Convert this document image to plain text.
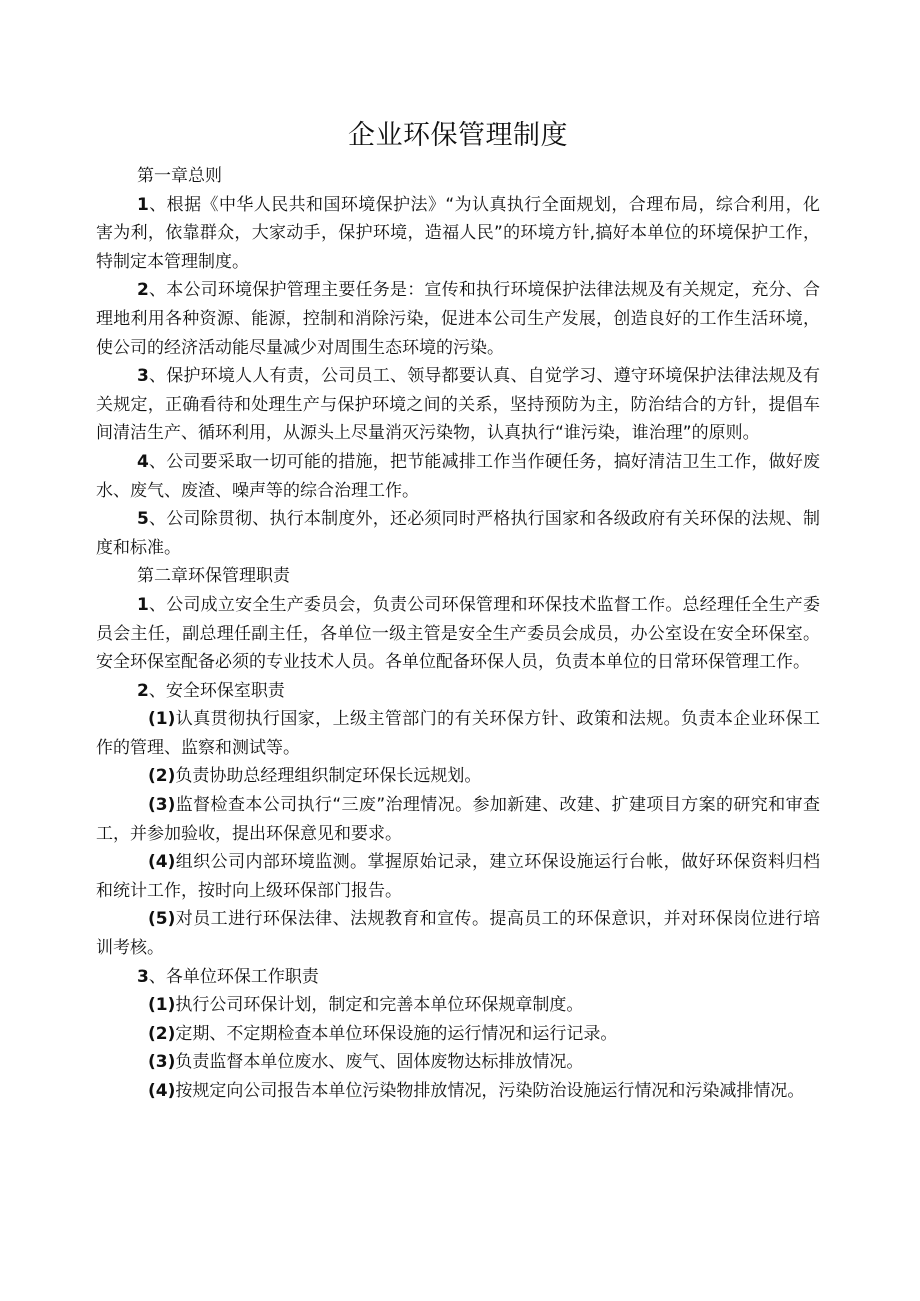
企业环保管理制度

第一章总则

1、根据《中华人民共和国环境保护法》“为认真执行全面规划，合理布局，综合利用，化害为利，依靠群众，大家动手，保护环境，造福人民”的环境方针,搞好本单位的环境保护工作，特制定本管理制度。

2、本公司环境保护管理主要任务是：宣传和执行环境保护法律法规及有关规定，充分、合理地利用各种资源、能源，控制和消除污染，促进本公司生产发展，创造良好的工作生活环境，使公司的经济活动能尽量减少对周围生态环境的污染。

3、保护环境人人有责，公司员工、领导都要认真、自觉学习、遵守环境保护法律法规及有关规定，正确看待和处理生产与保护环境之间的关系，坚持预防为主，防治结合的方针，提倡车间清洁生产、循环利用，从源头上尽量消灭污染物，认真执行“谁污染，谁治理”的原则。

4、公司要采取一切可能的措施，把节能减排工作当作硬任务，搞好清洁卫生工作，做好废水、废气、废渣、噪声等的综合治理工作。

5、公司除贯彻、执行本制度外，还必须同时严格执行国家和各级政府有关环保的法规、制度和标准。

第二章环保管理职责

1、公司成立安全生产委员会，负责公司环保管理和环保技术监督工作。总经理任全生产委员会主任，副总理任副主任，各单位一级主管是安全生产委员会成员，办公室设在安全环保室。安全环保室配备必须的专业技术人员。各单位配备环保人员，负责本单位的日常环保管理工作。

2、安全环保室职责

(1)认真贯彻执行国家，上级主管部门的有关环保方针、政策和法规。负责本企业环保工作的管理、监察和测试等。

(2)负责协助总经理组织制定环保长远规划。

(3)监督检查本公司执行“三废”治理情况。参加新建、改建、扩建项目方案的研究和审查工，并参加验收，提出环保意见和要求。

(4)组织公司内部环境监测。掌握原始记录，建立环保设施运行台帐，做好环保资料归档和统计工作，按时向上级环保部门报告。

(5)对员工进行环保法律、法规教育和宣传。提高员工的环保意识，并对环保岗位进行培训考核。

3、各单位环保工作职责

(1)执行公司环保计划，制定和完善本单位环保规章制度。

(2)定期、不定期检查本单位环保设施的运行情况和运行记录。

(3)负责监督本单位废水、废气、固体废物达标排放情况。

(4)按规定向公司报告本单位污染物排放情况，污染防治设施运行情况和污染减排情况。
